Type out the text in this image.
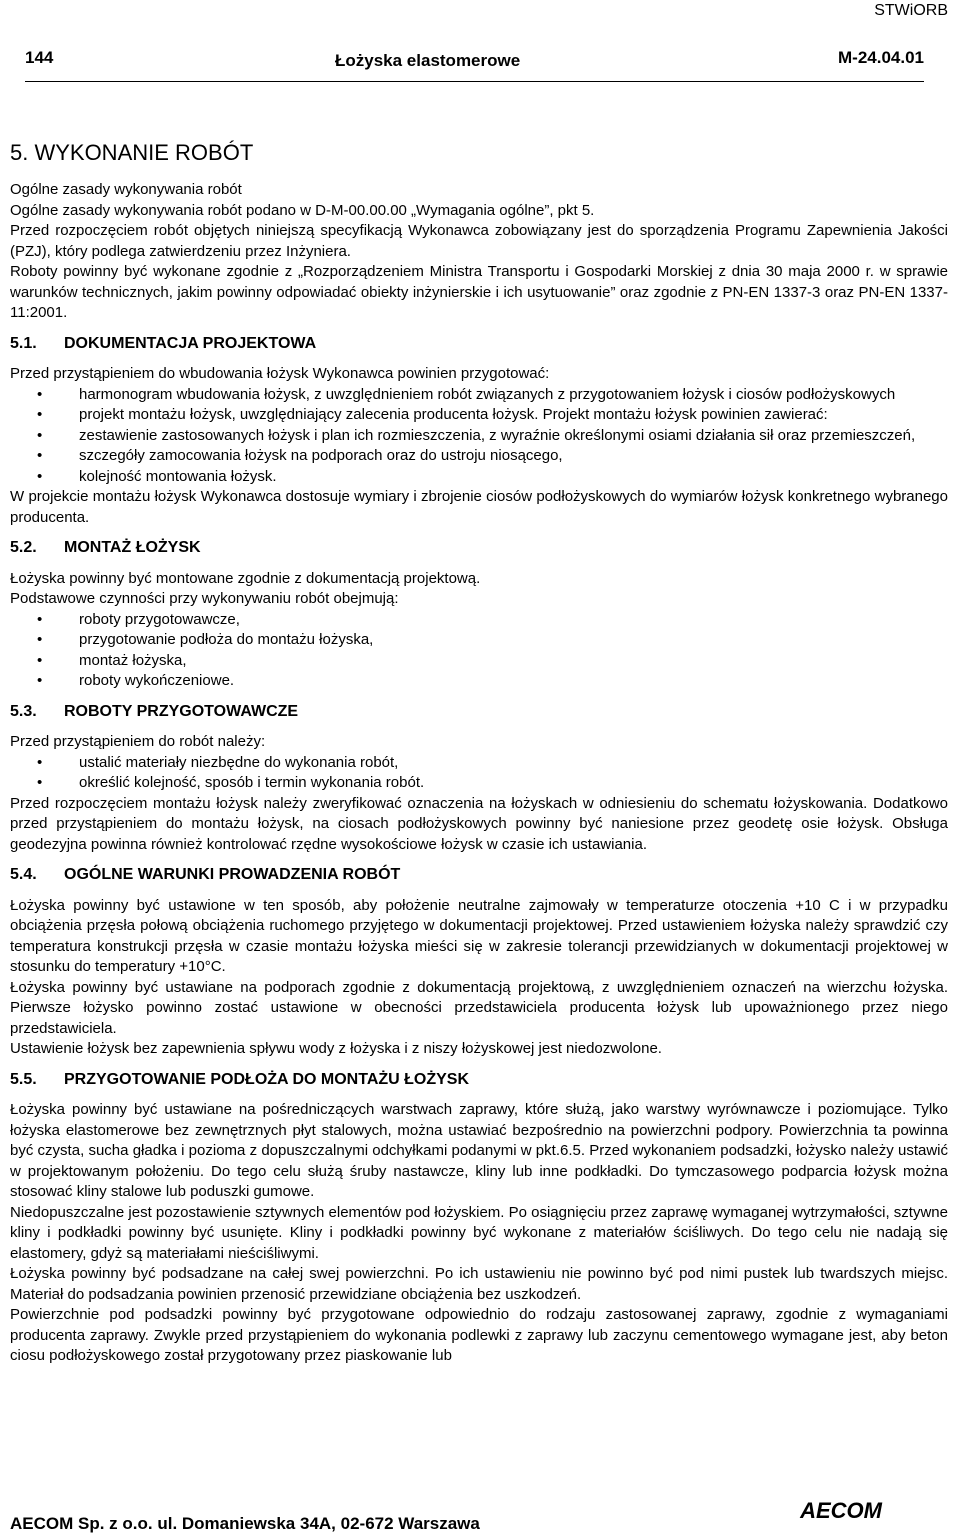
STWiORB
144	Łożyska elastomerowe	M-24.04.01
5. WYKONANIE ROBÓT

Ogólne zasady wykonywania robót

Ogólne zasady wykonywania robót podano w D-M-00.00.00 „Wymagania ogólne”, pkt 5.

Przed rozpoczęciem robót objętych niniejszą specyfikacją Wykonawca zobowiązany jest do sporządzenia Programu Zapewnienia Jakości (PZJ), który podlega zatwierdzeniu przez Inżyniera.

Roboty powinny być wykonane zgodnie z „Rozporządzeniem Ministra Transportu i Gospodarki Morskiej z dnia 30 maja 2000 r. w sprawie warunków technicznych, jakim powinny odpowiadać obiekty inżynierskie i ich usytuowanie” oraz zgodnie z PN-EN 1337-3 oraz PN-EN 1337-11:2001.

5.1.	DOKUMENTACJA PROJEKTOWA

Przed przystąpieniem do wbudowania łożysk Wykonawca powinien przygotować:

• harmonogram wbudowania łożysk, z uwzględnieniem robót związanych z przygotowaniem łożysk i ciosów podłożyskowych
• projekt montażu łożysk, uwzględniający zalecenia producenta łożysk. Projekt montażu łożysk powinien zawierać:
• zestawienie zastosowanych łożysk i plan ich rozmieszczenia, z wyraźnie określonymi osiami działania sił oraz przemieszczeń,
• szczegóły zamocowania łożysk na podporach oraz do ustroju niosącego,
• kolejność montowania łożysk.

W projekcie montażu łożysk Wykonawca dostosuje wymiary i zbrojenie ciosów podłożyskowych do wymiarów łożysk konkretnego wybranego producenta.

5.2.	MONTAŻ ŁOŻYSK

Łożyska powinny być montowane zgodnie z dokumentacją projektową.

Podstawowe czynności przy wykonywaniu robót obejmują:

• roboty przygotowawcze,
• przygotowanie podłoża do montażu łożyska,
• montaż łożyska,
• roboty wykończeniowe.
5.3.	ROBOTY PRZYGOTOWAWCZE

Przed przystąpieniem do robót należy:

• ustalić materiały niezbędne do wykonania robót,
• określić kolejność, sposób i termin wykonania robót.

Przed rozpoczęciem montażu łożysk należy zweryfikować oznaczenia na łożyskach w odniesieniu do schematu łożyskowania. Dodatkowo przed przystąpieniem do montażu łożysk, na ciosach podłożyskowych powinny być naniesione przez geodetę osie łożysk. Obsługa geodezyjna powinna również kontrolować rzędne wysokościowe łożysk w czasie ich ustawiania.

5.4.	OGÓLNE WARUNKI PROWADZENIA ROBÓT

Łożyska powinny być ustawione w ten sposób, aby położenie neutralne zajmowały w temperaturze otoczenia +10 C i w przypadku obciążenia przęsła połową obciążenia ruchomego przyjętego w dokumentacji projektowej. Przed ustawieniem łożyska należy sprawdzić czy temperatura konstrukcji przęsła w czasie montażu łożyska mieści się w zakresie tolerancji przewidzianych w dokumentacji projektowej w stosunku do temperatury +10°C.

Łożyska powinny być ustawiane na podporach zgodnie z dokumentacją projektową, z uwzględnieniem oznaczeń na wierzchu łożyska. Pierwsze łożysko powinno zostać ustawione w obecności przedstawiciela producenta łożysk lub upoważnionego przez niego przedstawiciela.

Ustawienie łożysk bez zapewnienia spływu wody z łożyska i z niszy łożyskowej jest niedozwolone.

5.5.	PRZYGOTOWANIE PODŁOŻA DO MONTAŻU ŁOŻYSK

Łożyska powinny być ustawiane na pośredniczących warstwach zaprawy, które służą, jako warstwy wyrównawcze i poziomujące. Tylko łożyska elastomerowe bez zewnętrznych płyt stalowych, można ustawiać bezpośrednio na powierzchni podpory. Powierzchnia ta powinna być czysta, sucha gładka i pozioma z dopuszczalnymi odchyłkami podanymi w pkt.6.5. Przed wykonaniem podsadzki, łożysko należy ustawić w projektowanym położeniu. Do tego celu służą śruby nastawcze, kliny lub inne podkładki. Do tymczasowego podparcia łożysk można stosować kliny stalowe lub poduszki gumowe.

Niedopuszczalne jest pozostawienie sztywnych elementów pod łożyskiem. Po osiągnięciu przez zaprawę wymaganej wytrzymałości, sztywne kliny i podkładki powinny być usunięte. Kliny i podkładki powinny być wykonane z materiałów ściśliwych. Do tego celu nie nadają się elastomery, gdyż są materiałami nieściśliwymi.

Łożyska powinny być podsadzane na całej swej powierzchni. Po ich ustawieniu nie powinno być pod nimi pustek lub twardszych miejsc. Materiał do podsadzania powinien przenosić przewidziane obciążenia bez uszkodzeń.

Powierzchnie pod podsadzki powinny być przygotowane odpowiednio do rodzaju zastosowanej zaprawy, zgodnie z wymaganiami producenta zaprawy. Zwykle przed przystąpieniem do wykonania podlewki z zaprawy lub zaczynu cementowego wymagane jest, aby beton ciosu podłożyskowego został przygotowany przez piaskowanie lub

AECOM Sp. z o.o. ul. Domaniewska 34A, 02-672 Warszawa
AECOM
